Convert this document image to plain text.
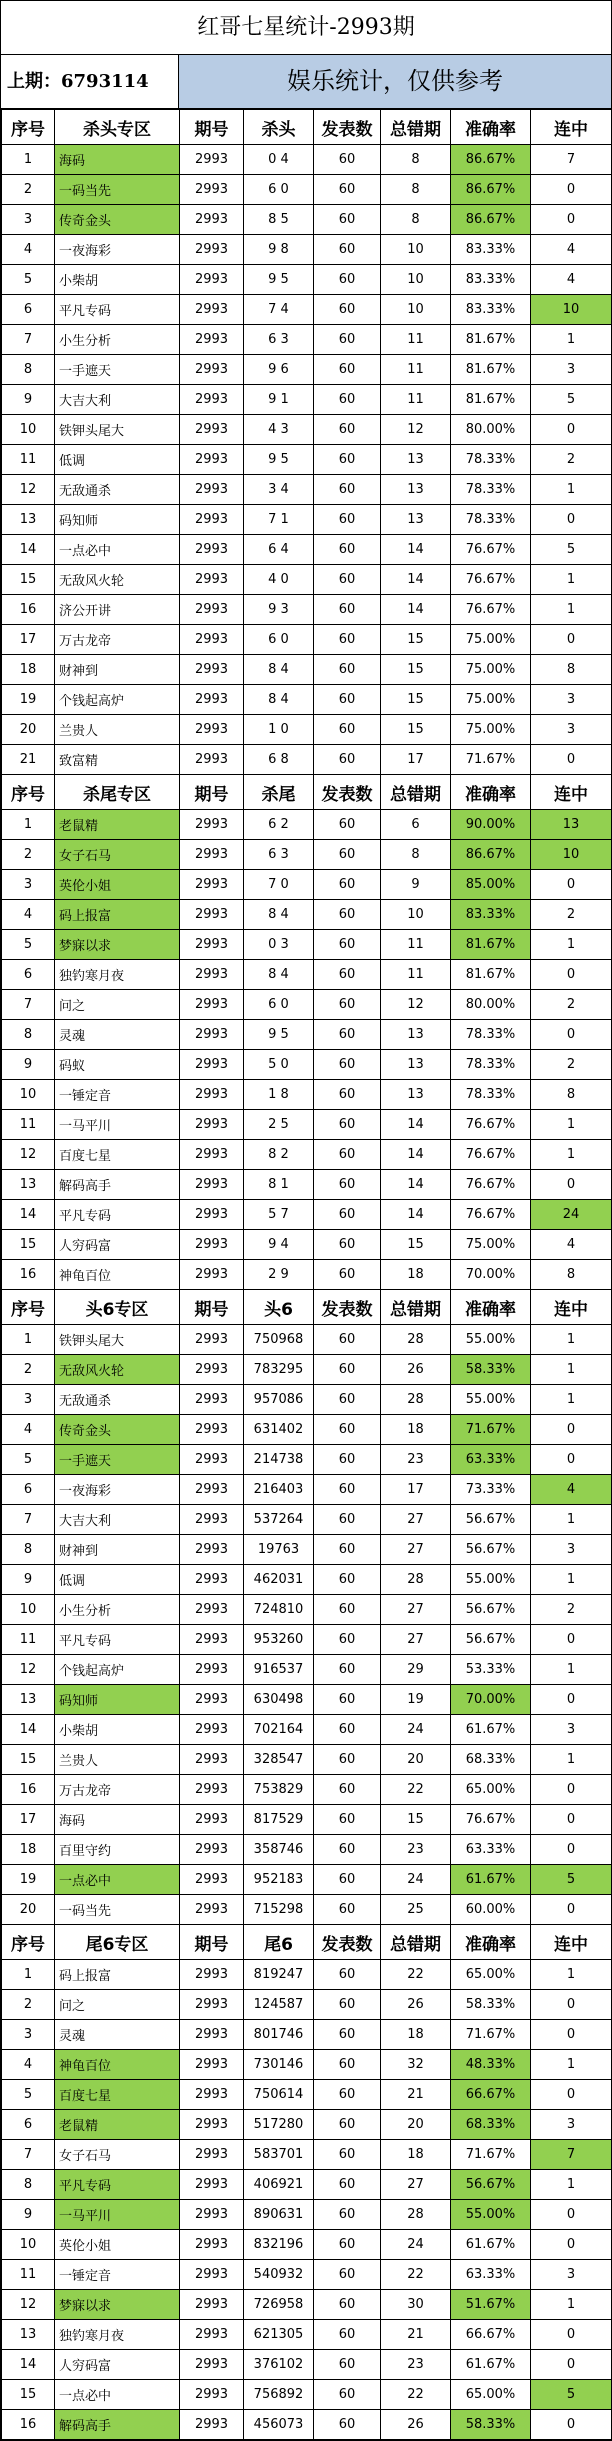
红哥七星统计-2993期
上期：6793114	娱乐统计，仅供参考
序号	杀头专区	期号	杀头	发表数	总错期	准确率	连中
1	海码	2993	0 4	60	8	86.67%	7
2	一码当先	2993	6 0	60	8	86.67%	0
3	传奇金头	2993	8 5	60	8	86.67%	0
4	一夜海彩	2993	9 8	60	10	83.33%	4
5	小柴胡	2993	9 5	60	10	83.33%	4
6	平凡专码	2993	7 4	60	10	83.33%	10
7	小生分析	2993	6 3	60	11	81.67%	1
8	一手遮天	2993	9 6	60	11	81.67%	3
9	大吉大利	2993	9 1	60	11	81.67%	5
10	铁钾头尾大	2993	4 3	60	12	80.00%	0
11	低调	2993	9 5	60	13	78.33%	2
12	无敌通杀	2993	3 4	60	13	78.33%	1
13	码知师	2993	7 1	60	13	78.33%	0
14	一点必中	2993	6 4	60	14	76.67%	5
15	无敌风火轮	2993	4 0	60	14	76.67%	1
16	济公开讲	2993	9 3	60	14	76.67%	1
17	万古龙帝	2993	6 0	60	15	75.00%	0
18	财神到	2993	8 4	60	15	75.00%	8
19	个钱起高炉	2993	8 4	60	15	75.00%	3
20	兰贵人	2993	1 0	60	15	75.00%	3
21	致富精	2993	6 8	60	17	71.67%	0
序号	杀尾专区	期号	杀尾	发表数	总错期	准确率	连中
1	老鼠精	2993	6 2	60	6	90.00%	13
2	女子石马	2993	6 3	60	8	86.67%	10
3	英伦小姐	2993	7 0	60	9	85.00%	0
4	码上报富	2993	8 4	60	10	83.33%	2
5	梦寐以求	2993	0 3	60	11	81.67%	1
6	独钓寒月夜	2993	8 4	60	11	81.67%	0
7	问之	2993	6 0	60	12	80.00%	2
8	灵魂	2993	9 5	60	13	78.33%	0
9	码蚁	2993	5 0	60	13	78.33%	2
10	一锤定音	2993	1 8	60	13	78.33%	8
11	一马平川	2993	2 5	60	14	76.67%	1
12	百度七星	2993	8 2	60	14	76.67%	1
13	解码高手	2993	8 1	60	14	76.67%	0
14	平凡专码	2993	5 7	60	14	76.67%	24
15	人穷码富	2993	9 4	60	15	75.00%	4
16	神龟百位	2993	2 9	60	18	70.00%	8
序号	头6专区	期号	头6	发表数	总错期	准确率	连中
1	铁钾头尾大	2993	750968	60	28	55.00%	1
2	无敌风火轮	2993	783295	60	26	58.33%	1
3	无敌通杀	2993	957086	60	28	55.00%	1
4	传奇金头	2993	631402	60	18	71.67%	0
5	一手遮天	2993	214738	60	23	63.33%	0
6	一夜海彩	2993	216403	60	17	73.33%	4
7	大吉大利	2993	537264	60	27	56.67%	1
8	财神到	2993	19763	60	27	56.67%	3
9	低调	2993	462031	60	28	55.00%	1
10	小生分析	2993	724810	60	27	56.67%	2
11	平凡专码	2993	953260	60	27	56.67%	0
12	个钱起高炉	2993	916537	60	29	53.33%	1
13	码知师	2993	630498	60	19	70.00%	0
14	小柴胡	2993	702164	60	24	61.67%	3
15	兰贵人	2993	328547	60	20	68.33%	1
16	万古龙帝	2993	753829	60	22	65.00%	0
17	海码	2993	817529	60	15	76.67%	0
18	百里守约	2993	358746	60	23	63.33%	0
19	一点必中	2993	952183	60	24	61.67%	5
20	一码当先	2993	715298	60	25	60.00%	0
序号	尾6专区	期号	尾6	发表数	总错期	准确率	连中
1	码上报富	2993	819247	60	22	65.00%	1
2	问之	2993	124587	60	26	58.33%	0
3	灵魂	2993	801746	60	18	71.67%	0
4	神龟百位	2993	730146	60	32	48.33%	1
5	百度七星	2993	750614	60	21	66.67%	0
6	老鼠精	2993	517280	60	20	68.33%	3
7	女子石马	2993	583701	60	18	71.67%	7
8	平凡专码	2993	406921	60	27	56.67%	1
9	一马平川	2993	890631	60	28	55.00%	0
10	英伦小姐	2993	832196	60	24	61.67%	0
11	一锤定音	2993	540932	60	22	63.33%	3
12	梦寐以求	2993	726958	60	30	51.67%	1
13	独钓寒月夜	2993	621305	60	21	66.67%	0
14	人穷码富	2993	376102	60	23	61.67%	0
15	一点必中	2993	756892	60	22	65.00%	5
16	解码高手	2993	456073	60	26	58.33%	0
